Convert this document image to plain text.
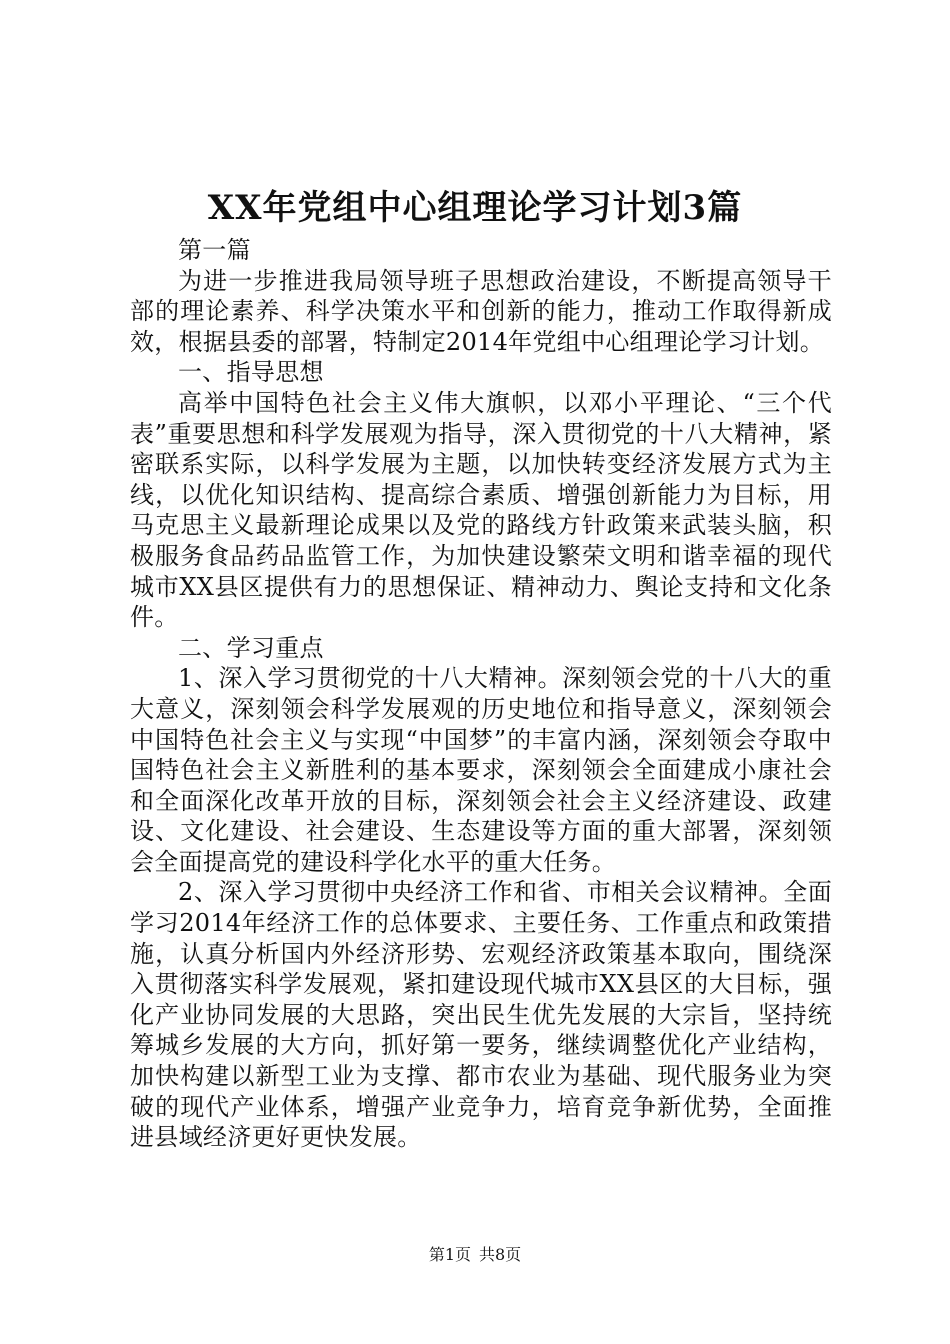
XX年党组中心组理论学习计划3篇

第一篇

为进一步推进我局领导班子思想政治建设，不断提高领导干部的理论素养、科学决策水平和创新的能力，推动工作取得新成效，根据县委的部署，特制定2014年党组中心组理论学习计划。

一、指导思想

高举中国特色社会主义伟大旗帜，以邓小平理论、“三个代表”重要思想和科学发展观为指导，深入贯彻党的十八大精神，紧密联系实际，以科学发展为主题，以加快转变经济发展方式为主线，以优化知识结构、提高综合素质、增强创新能力为目标，用马克思主义最新理论成果以及党的路线方针政策来武装头脑，积极服务食品药品监管工作，为加快建设繁荣文明和谐幸福的现代城市XX县区提供有力的思想保证、精神动力、舆论支持和文化条件。

二、学习重点

1、深入学习贯彻党的十八大精神。深刻领会党的十八大的重大意义，深刻领会科学发展观的历史地位和指导意义，深刻领会中国特色社会主义与实现“中国梦”的丰富内涵，深刻领会夺取中国特色社会主义新胜利的基本要求，深刻领会全面建成小康社会和全面深化改革开放的目标，深刻领会社会主义经济建设、政建设、文化建设、社会建设、生态建设等方面的重大部署，深刻领会全面提高党的建设科学化水平的重大任务。

2、深入学习贯彻中央经济工作和省、市相关会议精神。全面学习2014年经济工作的总体要求、主要任务、工作重点和政策措施，认真分析国内外经济形势、宏观经济政策基本取向，围绕深入贯彻落实科学发展观，紧扣建设现代城市XX县区的大目标，强化产业协同发展的大思路，突出民生优先发展的大宗旨，坚持统筹城乡发展的大方向，抓好第一要务，继续调整优化产业结构，加快构建以新型工业为支撑、都市农业为基础、现代服务业为突破的现代产业体系，增强产业竞争力，培育竞争新优势，全面推进县域经济更好更快发展。

第1页 共8页
